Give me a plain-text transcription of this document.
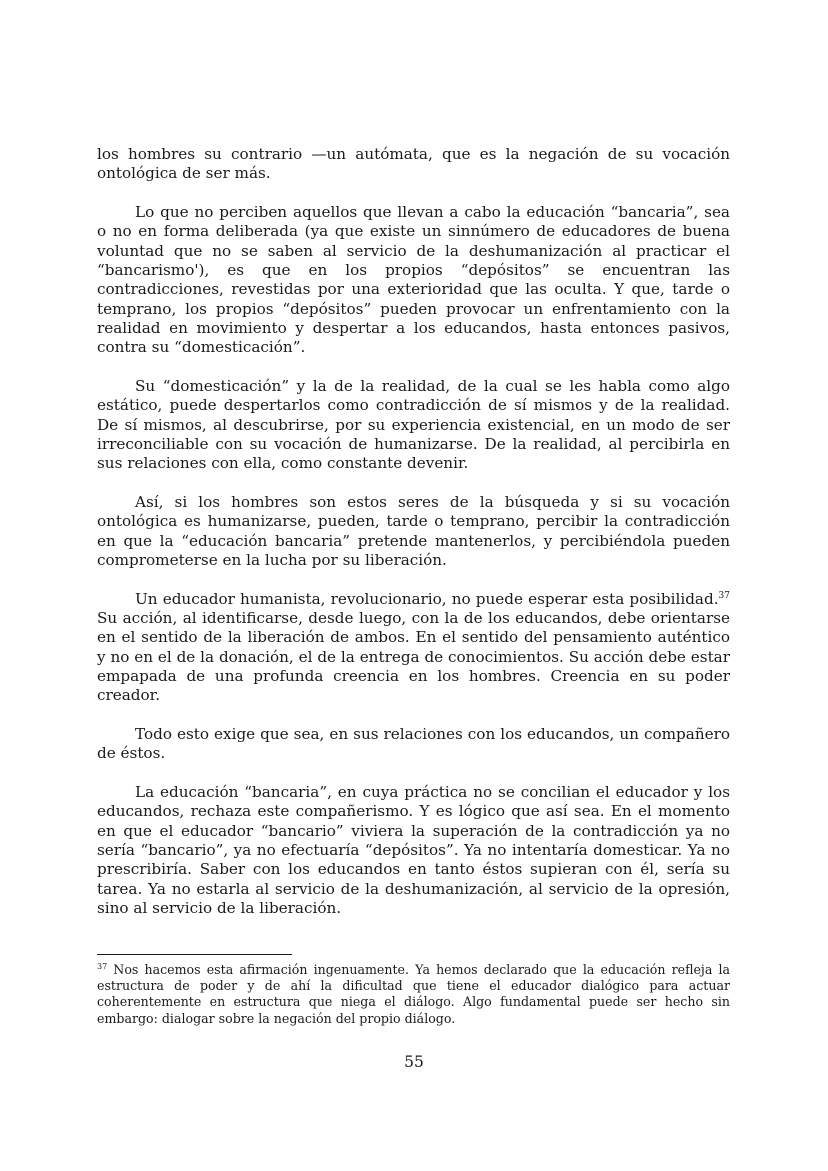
los hombres su contrario —un autómata, que es la negación de su vocación ontológica de ser más.

Lo que no perciben aquellos que llevan a cabo la educación “bancaria”, sea o no en forma deliberada (ya que existe un sinnúmero de educadores de buena voluntad que no se saben al servicio de la deshumanización al practicar el “bancarismo'), es que en los propios “depósitos” se encuentran las contradicciones, revestidas por una exterioridad que las oculta. Y que, tarde o temprano, los propios “depósitos” pueden provocar un enfrentamiento con la realidad en movimiento y despertar a los educandos, hasta entonces pasivos, contra su “domesticación”.

Su “domesticación” y la de la realidad, de la cual se les habla como algo estático, puede despertarlos como contradicción de sí mismos y de la realidad. De sí mismos, al descubrirse, por su experiencia existencial, en un modo de ser irreconciliable con su vocación de humanizarse. De la realidad, al percibirla en sus relaciones con ella, como constante devenir.

Así, si los hombres son estos seres de la búsqueda y si su vocación ontológica es humanizarse, pueden, tarde o temprano, percibir la contradicción en que la “educación bancaria” pretende mantenerlos, y percibiéndola pueden comprometerse en la lucha por su liberación.

Un educador humanista, revolucionario, no puede esperar esta posibilidad.$^{37}$ Su acción, al identificarse, desde luego, con la de los educandos, debe orientarse en el sentido de la liberación de ambos. En el sentido del pensamiento auténtico y no en el de la donación, el de la entrega de conocimientos. Su acción debe estar empapada de una profunda creencia en los hombres. Creencia en su poder creador.

Todo esto exige que sea, en sus relaciones con los educandos, un compañero de éstos.

La educación “bancaria”, en cuya práctica no se concilian el educador y los educandos, rechaza este compañerismo. Y es lógico que así sea. En el momento en que el educador “bancario” viviera la superación de la contradicción ya no sería “bancario”, ya no efectuaría “depósitos”. Ya no intentaría domesticar. Ya no prescribiría. Saber con los educandos en tanto éstos supieran con él, sería su tarea. Ya no estarla al servicio de la deshumanización, al servicio de la opresión, sino al servicio de la liberación.

$^{37}$ Nos hacemos esta afirmación ingenuamente. Ya hemos declarado que la educación refleja la estructura de poder y de ahí la dificultad que tiene el educador dialógico para actuar coherentemente en estructura que niega el diálogo. Algo fundamental puede ser hecho sin embargo: dialogar sobre la negación del propio diálogo.
55
